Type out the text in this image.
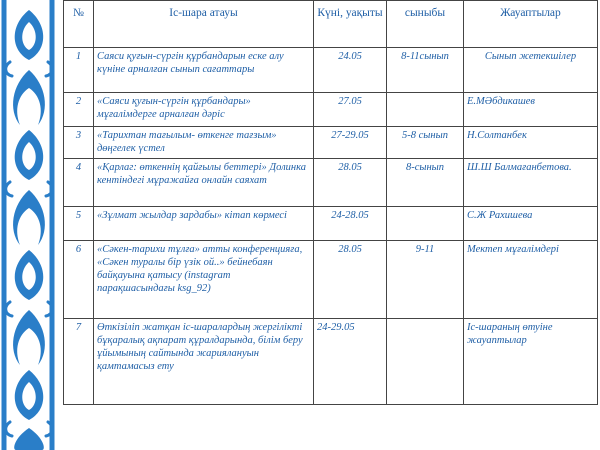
№	Іс-шара атауы	Күні, уақыты	сыныбы	Жауаптылар
1	Саяси қуғын-сүргін құрбандарын еске алу күніне арналған сынып сағаттары	24.05	8-11сынып	Сынып жетекшілер
2	«Саяси қуғын-сүргін құрбандары» мұғалімдерге арналған дәріс	27.05		Е.МӘбдикашев
3	«Тарихтан тағылым- өткенге тағзым» дөңгелек үстел	27-29.05	5-8 сынып	Н.Солтанбек
4	«Қарлаг: өткеннің қайғылы беттері» Долинка кентіндегі мұражайға онлайн саяхат	28.05	8-сынып	Ш.Ш Балмағанбетова.
5	«Зұлмат жылдар зардабы» кітап көрмесі	24-28.05		С.Ж Рахишева
6	«Сәкен-тарихи тұлға» атты конференцияға, «Сәкен туралы бір үзік ой..» бейнебаян байқауына қатысу (instagram парақшасындағы ksg_92)	28.05	9-11	Мектеп мұғалімдері
7	Өткізіліп жатқан іс-шаралардың жергілікті бұқаралық ақпарат құралдарында, білім беру ұйымының сайтында жариялануын қамтамасыз ету	24-29.05		Іс-шараның өтуіне жауаптылар
